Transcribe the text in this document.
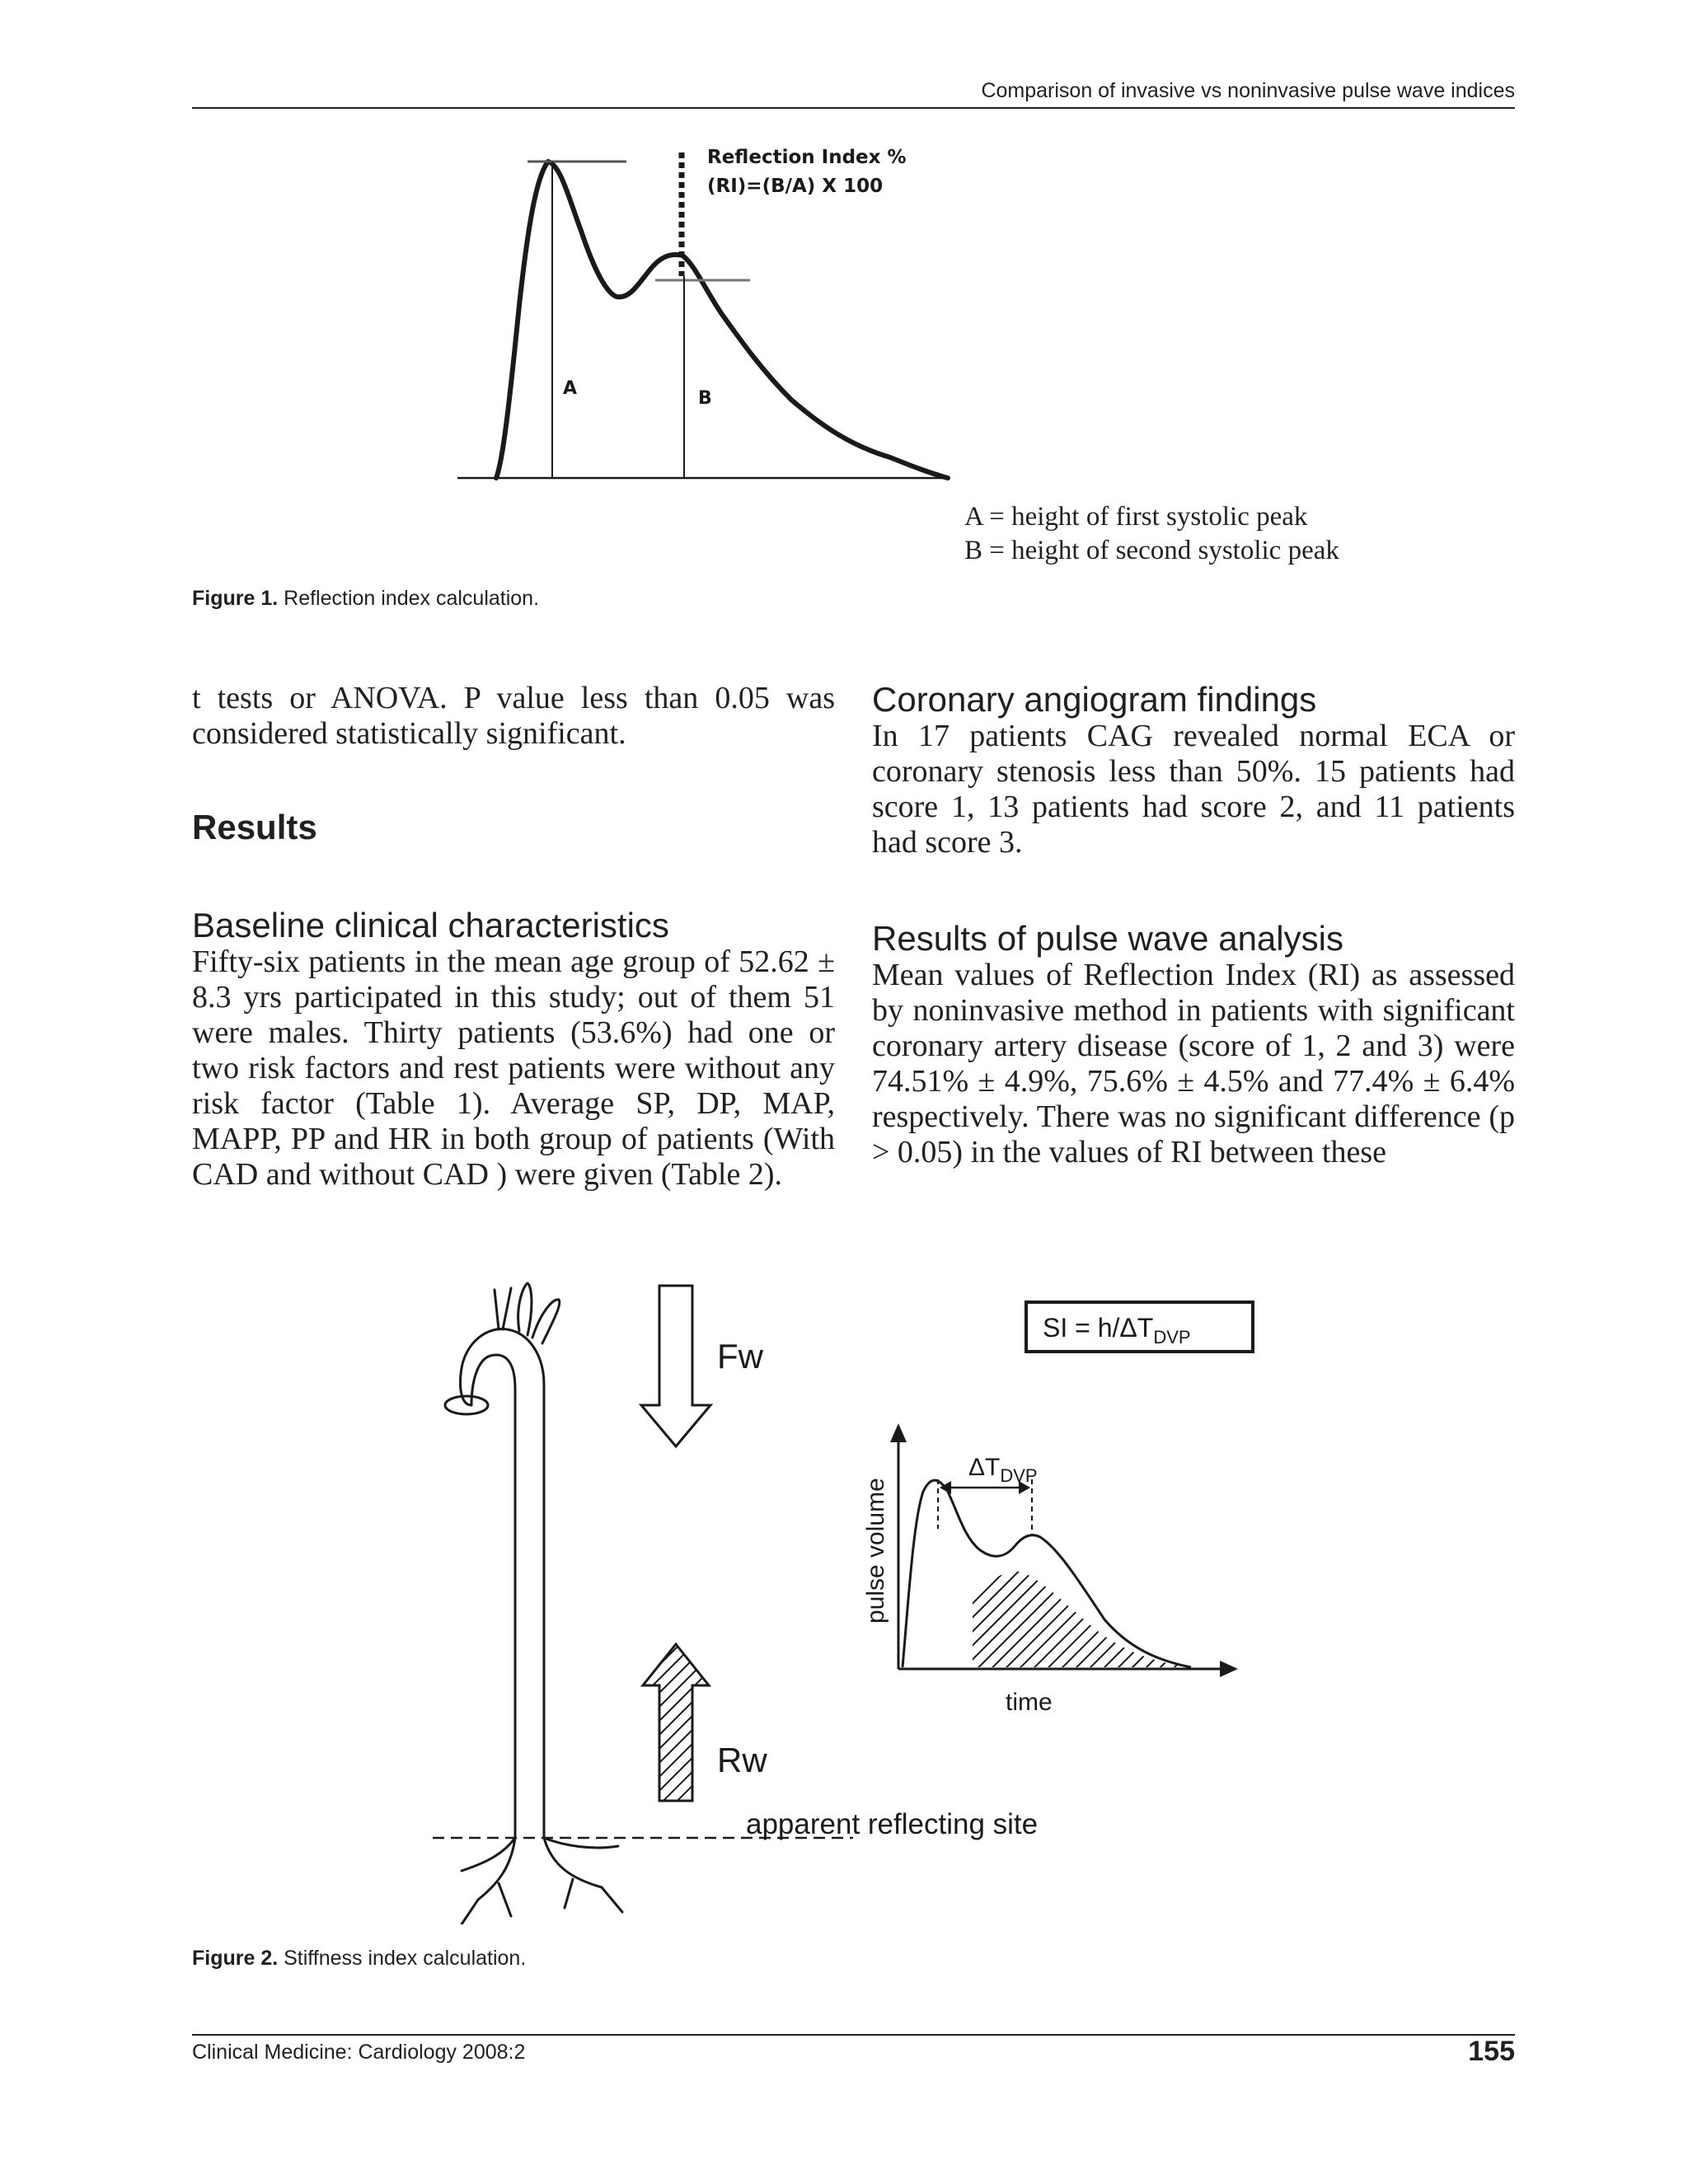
Comparison of invasive vs noninvasive pulse wave indices
Reflection Index %
(RI)=(B/A) X 100
A	B
A = height of first systolic peak
B = height of second systolic peak
Figure 1. Reflection index calculation.

t tests or ANOVA. P value less than 0.05 was considered statistically significant.

Results
Baseline clinical characteristics

Fifty-six patients in the mean age group of 52.62 ± 8.3 yrs participated in this study; out of them 51 were males. Thirty patients (53.6%) had one or two risk factors and rest patients were without any risk factor (Table 1). Average SP, DP, MAP, MAPP, PP and HR in both group of patients (With CAD and without CAD ) were given (Table 2).

Coronary angiogram findings

In 17 patients CAG revealed normal ECA or coronary stenosis less than 50%. 15 patients had score 1, 13 patients had score 2, and 11 patients had score 3.

Results of pulse wave analysis

Mean values of Reflection Index (RI) as assessed by noninvasive method in patients with significant coronary artery disease (score of 1, 2 and 3) were 74.51% ± 4.9%, 75.6% ± 4.5% and 77.4% ± 6.4% respectively. There was no significant difference (p > 0.05) in the values of RI between these

Fw
Rw
apparent reflecting site
SI = $h/\Delta T_{DVP}$
$\Delta T_{DVP}$
pulse volume
time
Figure 2. Stiffness index calculation.
Clinical Medicine: Cardiology 2008:2	155
